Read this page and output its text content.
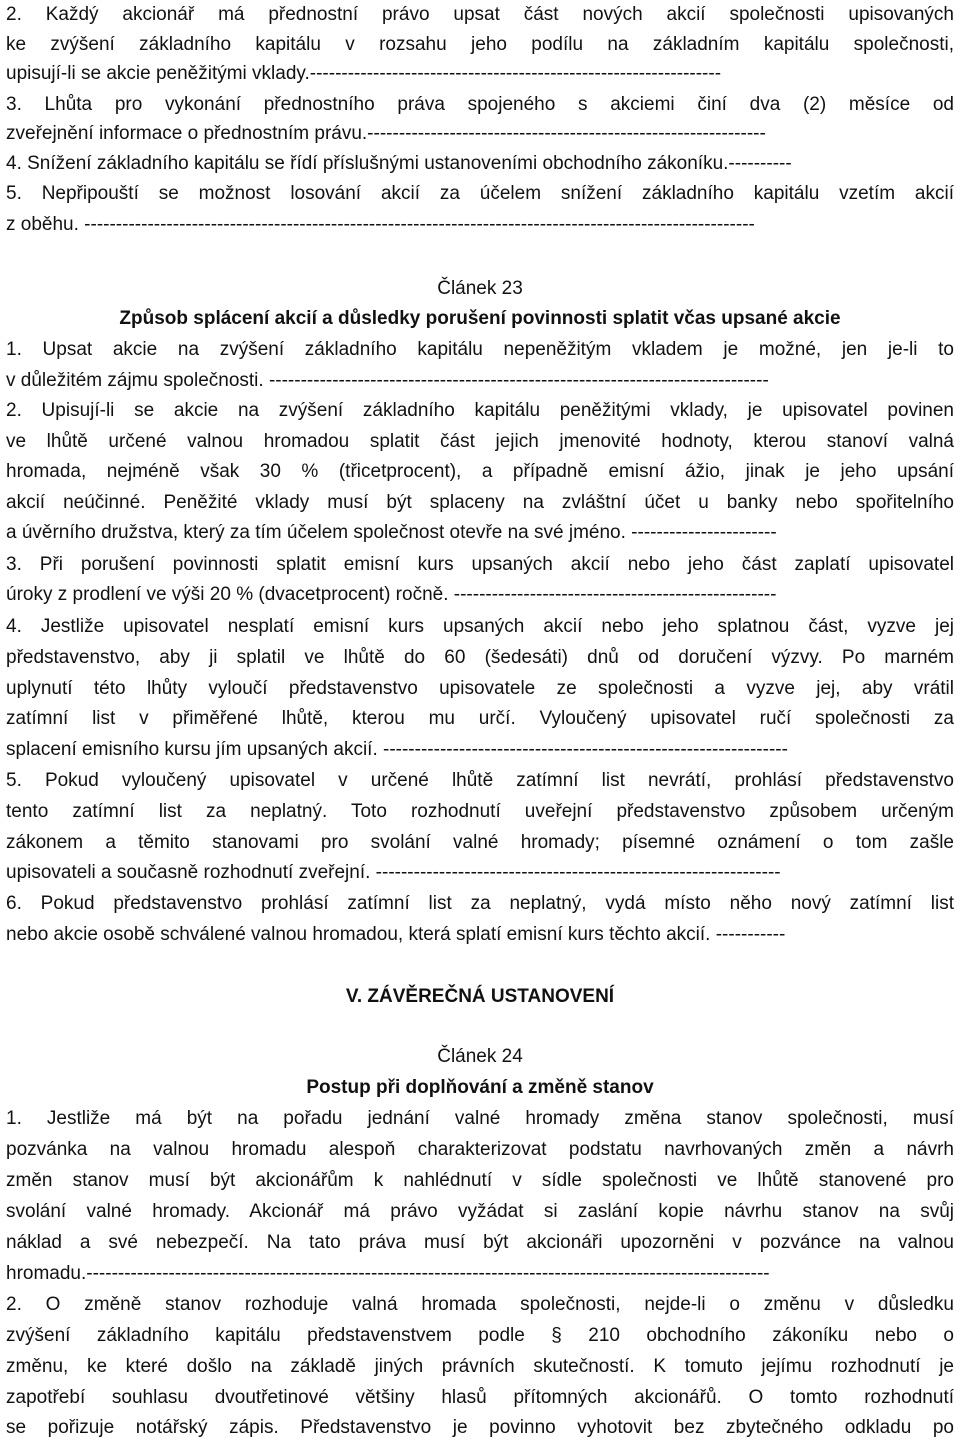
2. Každý akcionář má přednostní právo upsat část nových akcií společnosti upisovaných
ke zvýšení základního kapitálu v rozsahu jeho podílu na základním kapitálu společnosti,
upisují-li se akcie peněžitými vklady.-----------------------------------------------------------------
3. Lhůta pro vykonání přednostního práva spojeného s akciemi činí dva (2) měsíce od
zveřejnění informace o přednostním právu.---------------------------------------------------------------
4. Snížení základního kapitálu se řídí příslušnými ustanoveními obchodního zákoníku.----------
5. Nepřipouští se možnost losování akcií za účelem snížení základního kapitálu vzetím akcií
z oběhu. ----------------------------------------------------------------------------------------------------------
Článek 23
Způsob splácení akcií a důsledky porušení povinnosti splatit včas upsané akcie
1. Upsat akcie na zvýšení základního kapitálu nepeněžitým vkladem je možné, jen je-li to
v důležitém zájmu společnosti. -------------------------------------------------------------------------------
2. Upisují-li se akcie na zvýšení základního kapitálu peněžitými vklady, je upisovatel povinen
ve lhůtě určené valnou hromadou splatit část jejich jmenovité hodnoty, kterou stanoví valná
hromada, nejméně však 30 % (třicetprocent), a případně emisní ážio, jinak je jeho upsání
akcií neúčinné. Peněžité vklady musí být splaceny na zvláštní účet u banky nebo spořitelního
a úvěrního družstva, který za tím účelem společnost otevře na své jméno. -----------------------
3. Při porušení povinnosti splatit emisní kurs upsaných akcií nebo jeho část zaplatí upisovatel
úroky z prodlení ve výši 20 % (dvacetprocent) ročně. ---------------------------------------------------
4. Jestliže upisovatel nesplatí emisní kurs upsaných akcií nebo jeho splatnou část, vyzve jej
představenstvo, aby ji splatil ve lhůtě do 60 (šedesáti) dnů od doručení výzvy. Po marném
uplynutí této lhůty vyloučí představenstvo upisovatele ze společnosti a vyzve jej, aby vrátil
zatímní list v přiměřené lhůtě, kterou mu určí. Vyloučený upisovatel ručí společnosti za
splacení emisního kursu jím upsaných akcií. ----------------------------------------------------------------
5. Pokud vyloučený upisovatel v určené lhůtě zatímní list nevrátí, prohlásí představenstvo
tento zatímní list za neplatný. Toto rozhodnutí uveřejní představenstvo způsobem určeným
zákonem a těmito stanovami pro svolání valné hromady; písemné oznámení o tom zašle
upisovateli a současně rozhodnutí zveřejní. ----------------------------------------------------------------
6. Pokud představenstvo prohlásí zatímní list za neplatný, vydá místo něho nový zatímní list
nebo akcie osobě schválené valnou hromadou, která splatí emisní kurs těchto akcií. -----------
V. ZÁVĚREČNÁ USTANOVENÍ
Článek 24
Postup při doplňování a změně stanov
1. Jestliže má být na pořadu jednání valné hromady změna stanov společnosti, musí
pozvánka na valnou hromadu alespoň charakterizovat podstatu navrhovaných změn a návrh
změn stanov musí být akcionářům k nahlédnutí v sídle společnosti ve lhůtě stanovené pro
svolání valné hromady. Akcionář má právo vyžádat si zaslání kopie návrhu stanov na svůj
náklad a své nebezpečí. Na tato práva musí být akcionáři upozorněni v pozvánce na valnou
hromadu.------------------------------------------------------------------------------------------------------------
2. O změně stanov rozhoduje valná hromada společnosti, nejde-li o změnu v důsledku
zvýšení základního kapitálu představenstvem podle § 210 obchodního zákoníku nebo o
změnu, ke které došlo na základě jiných právních skutečností. K tomuto jejímu rozhodnutí je
zapotřebí souhlasu dvoutřetinové většiny hlasů přítomných akcionářů. O tomto rozhodnutí
se pořizuje notářský zápis. Představenstvo je povinno vyhotovit bez zbytečného odkladu po
